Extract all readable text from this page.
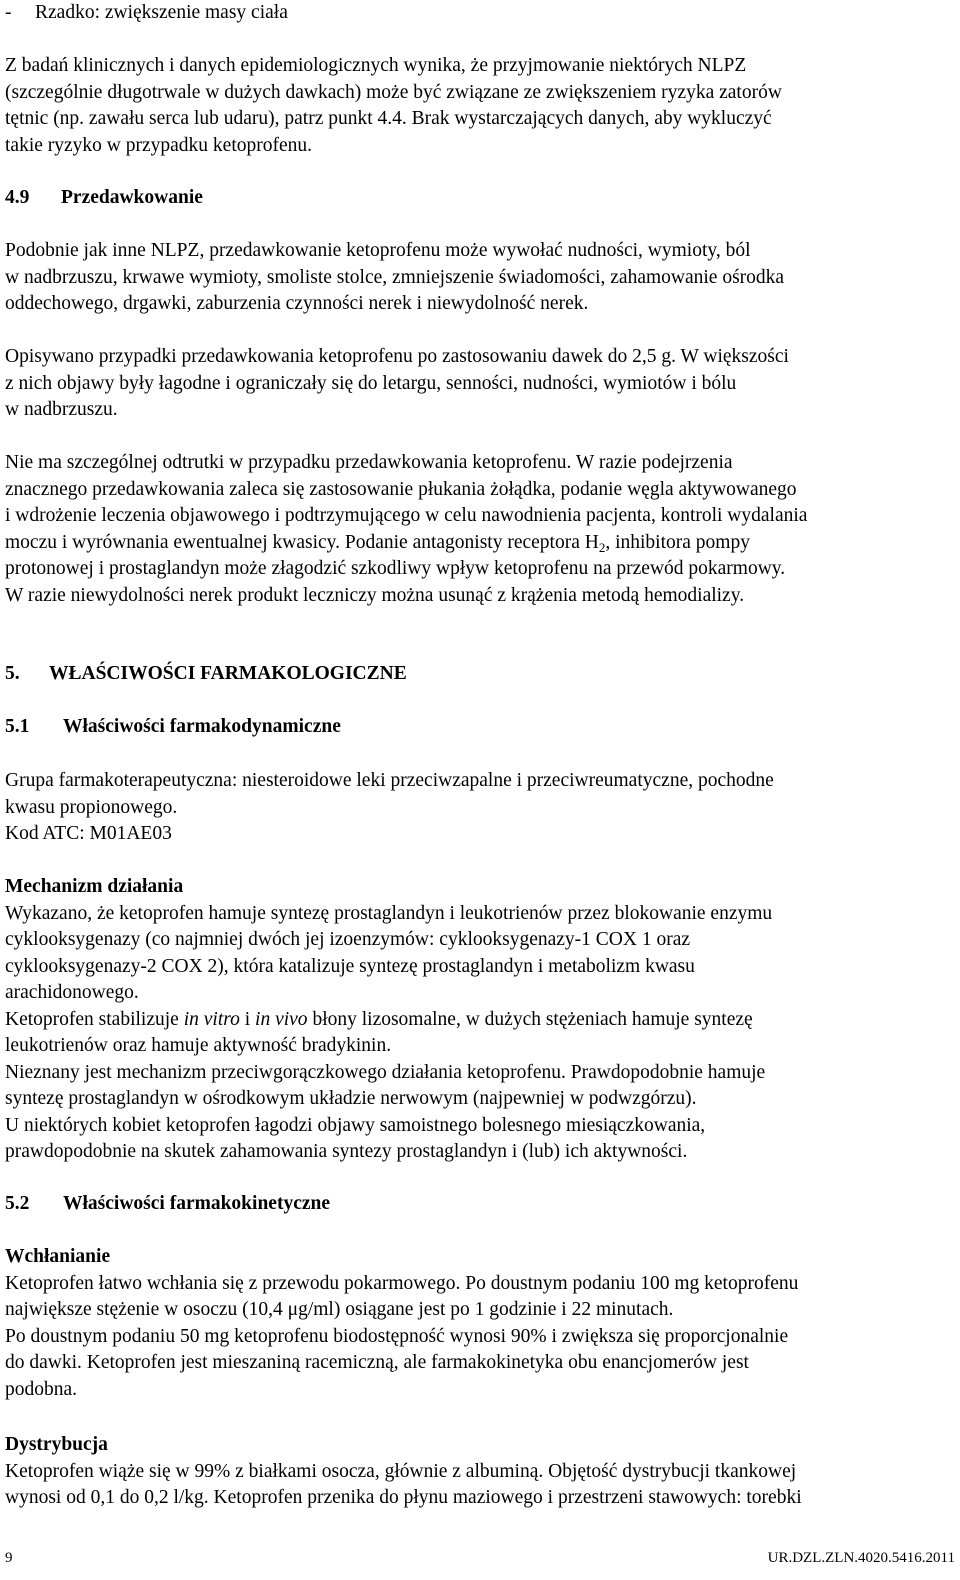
- Rzadko: zwiększenie masy ciała
Z badań klinicznych i danych epidemiologicznych wynika, że przyjmowanie niektórych NLPZ
(szczególnie długotrwale w dużych dawkach) może być związane ze zwiększeniem ryzyka zatorów
tętnic (np. zawału serca lub udaru), patrz punkt 4.4. Brak wystarczających danych, aby wykluczyć
takie ryzyko w przypadku ketoprofenu.
4.9 Przedawkowanie
Podobnie jak inne NLPZ, przedawkowanie ketoprofenu może wywołać nudności, wymioty, ból
w nadbrzuszu, krwawe wymioty, smoliste stolce, zmniejszenie świadomości, zahamowanie ośrodka
oddechowego, drgawki, zaburzenia czynności nerek i niewydolność nerek.
Opisywano przypadki przedawkowania ketoprofenu po zastosowaniu dawek do 2,5 g. W większości
z nich objawy były łagodne i ograniczały się do letargu, senności, nudności, wymiotów i bólu
w nadbrzuszu.
Nie ma szczególnej odtrutki w przypadku przedawkowania ketoprofenu. W razie podejrzenia
znacznego przedawkowania zaleca się zastosowanie płukania żołądka, podanie węgla aktywowanego
i wdrożenie leczenia objawowego i podtrzymującego w celu nawodnienia pacjenta, kontroli wydalania
moczu i wyrównania ewentualnej kwasicy. Podanie antagonisty receptora $H_2$, inhibitora pompy
protonowej i prostaglandyn może złagodzić szkodliwy wpływ ketoprofenu na przewód pokarmowy.
W razie niewydolności nerek produkt leczniczy można usunąć z krążenia metodą hemodializy.
5. WŁAŚCIWOŚCI FARMAKOLOGICZNE
5.1 Właściwości farmakodynamiczne
Grupa farmakoterapeutyczna: niesteroidowe leki przeciwzapalne i przeciwreumatyczne, pochodne
kwasu propionowego.
Kod ATC: M01AE03
Mechanizm działania
Wykazano, że ketoprofen hamuje syntezę prostaglandyn i leukotrienów przez blokowanie enzymu
cyklooksygenazy (co najmniej dwóch jej izoenzymów: cyklooksygenazy-1 COX 1 oraz
cyklooksygenazy-2 COX 2), która katalizuje syntezę prostaglandyn i metabolizm kwasu
arachidonowego.
Ketoprofen stabilizuje in vitro i in vivo błony lizosomalne, w dużych stężeniach hamuje syntezę
leukotrienów oraz hamuje aktywność bradykinin.
Nieznany jest mechanizm przeciwgorączkowego działania ketoprofenu. Prawdopodobnie hamuje
syntezę prostaglandyn w ośrodkowym układzie nerwowym (najpewniej w podwzgórzu).
U niektórych kobiet ketoprofen łagodzi objawy samoistnego bolesnego miesiączkowania,
prawdopodobnie na skutek zahamowania syntezy prostaglandyn i (lub) ich aktywności.
5.2 Właściwości farmakokinetyczne
Wchłanianie
Ketoprofen łatwo wchłania się z przewodu pokarmowego. Po doustnym podaniu 100 mg ketoprofenu
największe stężenie w osoczu (10,4 μg/ml) osiągane jest po 1 godzinie i 22 minutach.
Po doustnym podaniu 50 mg ketoprofenu biodostępność wynosi 90% i zwiększa się proporcjonalnie
do dawki. Ketoprofen jest mieszaniną racemiczną, ale farmakokinetyka obu enancjomerów jest
podobna.
Dystrybucja
Ketoprofen wiąże się w 99% z białkami osocza, głównie z albuminą. Objętość dystrybucji tkankowej
wynosi od 0,1 do 0,2 l/kg. Ketoprofen przenika do płynu maziowego i przestrzeni stawowych: torebki
9	UR.DZL.ZLN.4020.5416.2011
